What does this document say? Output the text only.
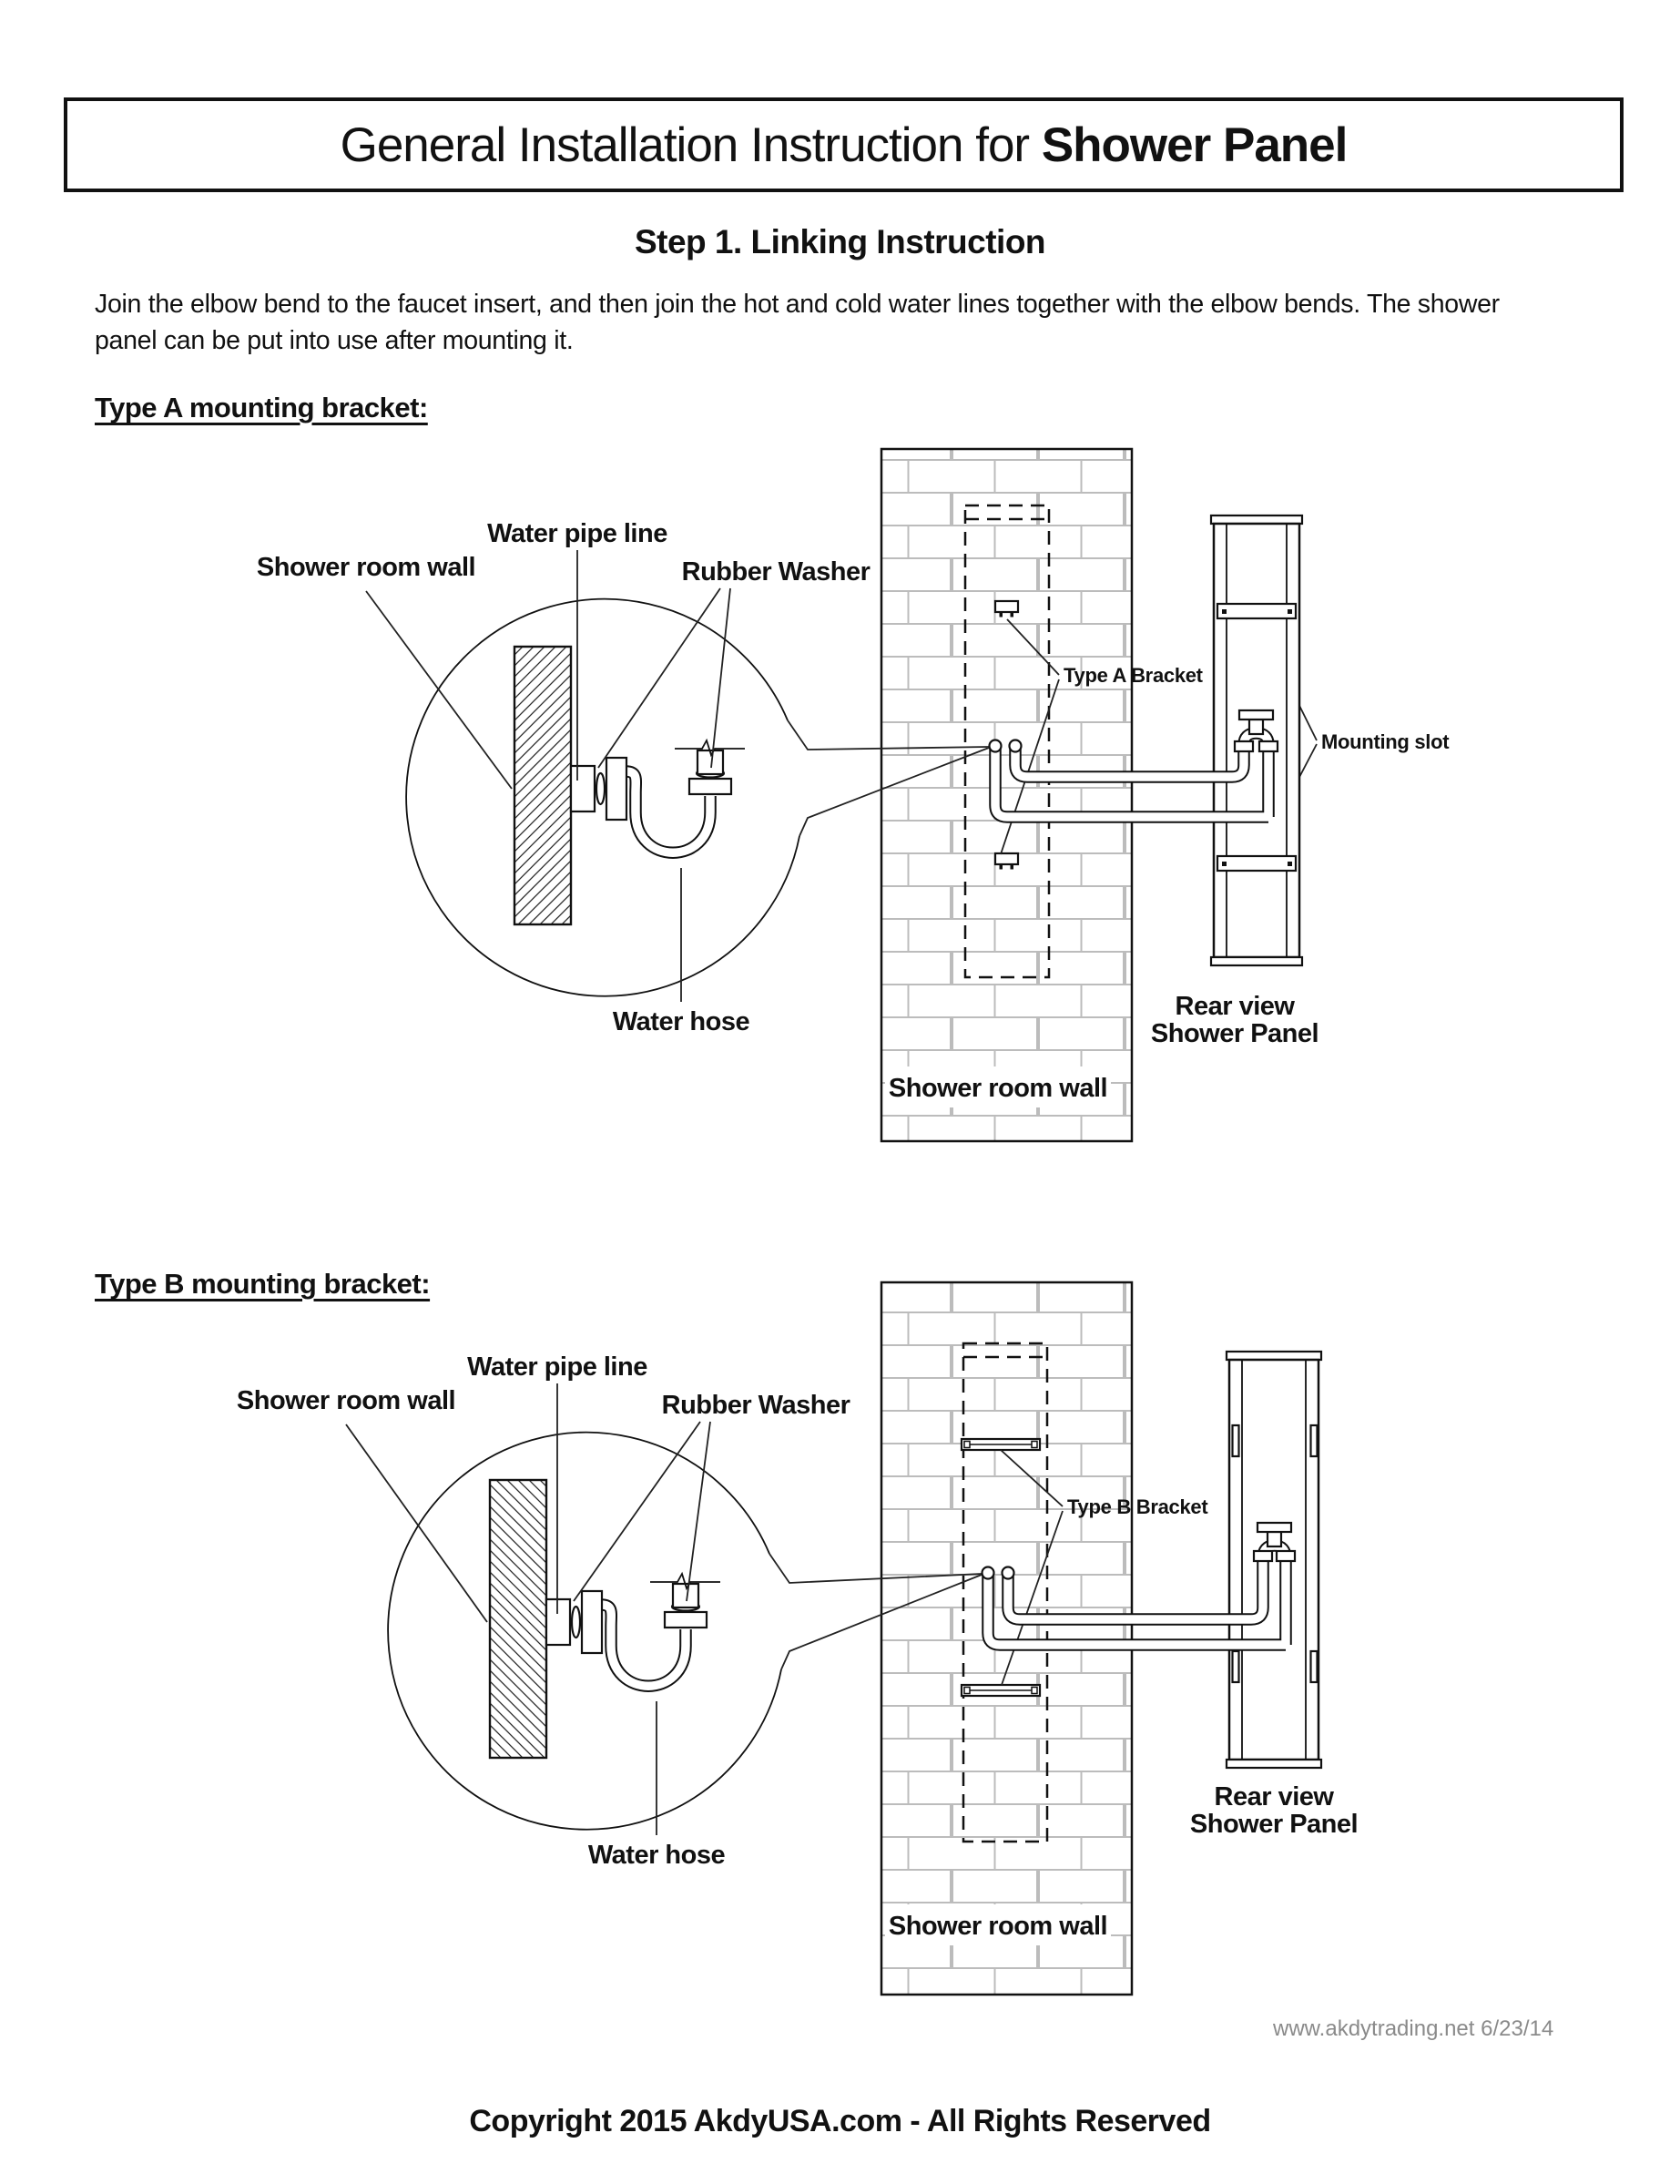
General Installation Instruction for Shower Panel
Step 1. Linking Instruction
Join the elbow bend to the faucet insert, and then join the hot and cold water lines together with the elbow bends. The shower panel can be put into use after mounting it.
Type A mounting bracket:
Type B mounting bracket:
Water pipe line
Shower room wall	Rubber Washer
Type A Bracket
Mounting slot
Water hose
Shower room wall
Rear view
Shower Panel
Water pipe line
Shower room wall	Rubber Washer
Type B Bracket
Water hose
Shower room wall
Rear view
Shower Panel
www.akdytrading.net 6/23/14
Copyright 2015 AkdyUSA.com - All Rights Reserved
